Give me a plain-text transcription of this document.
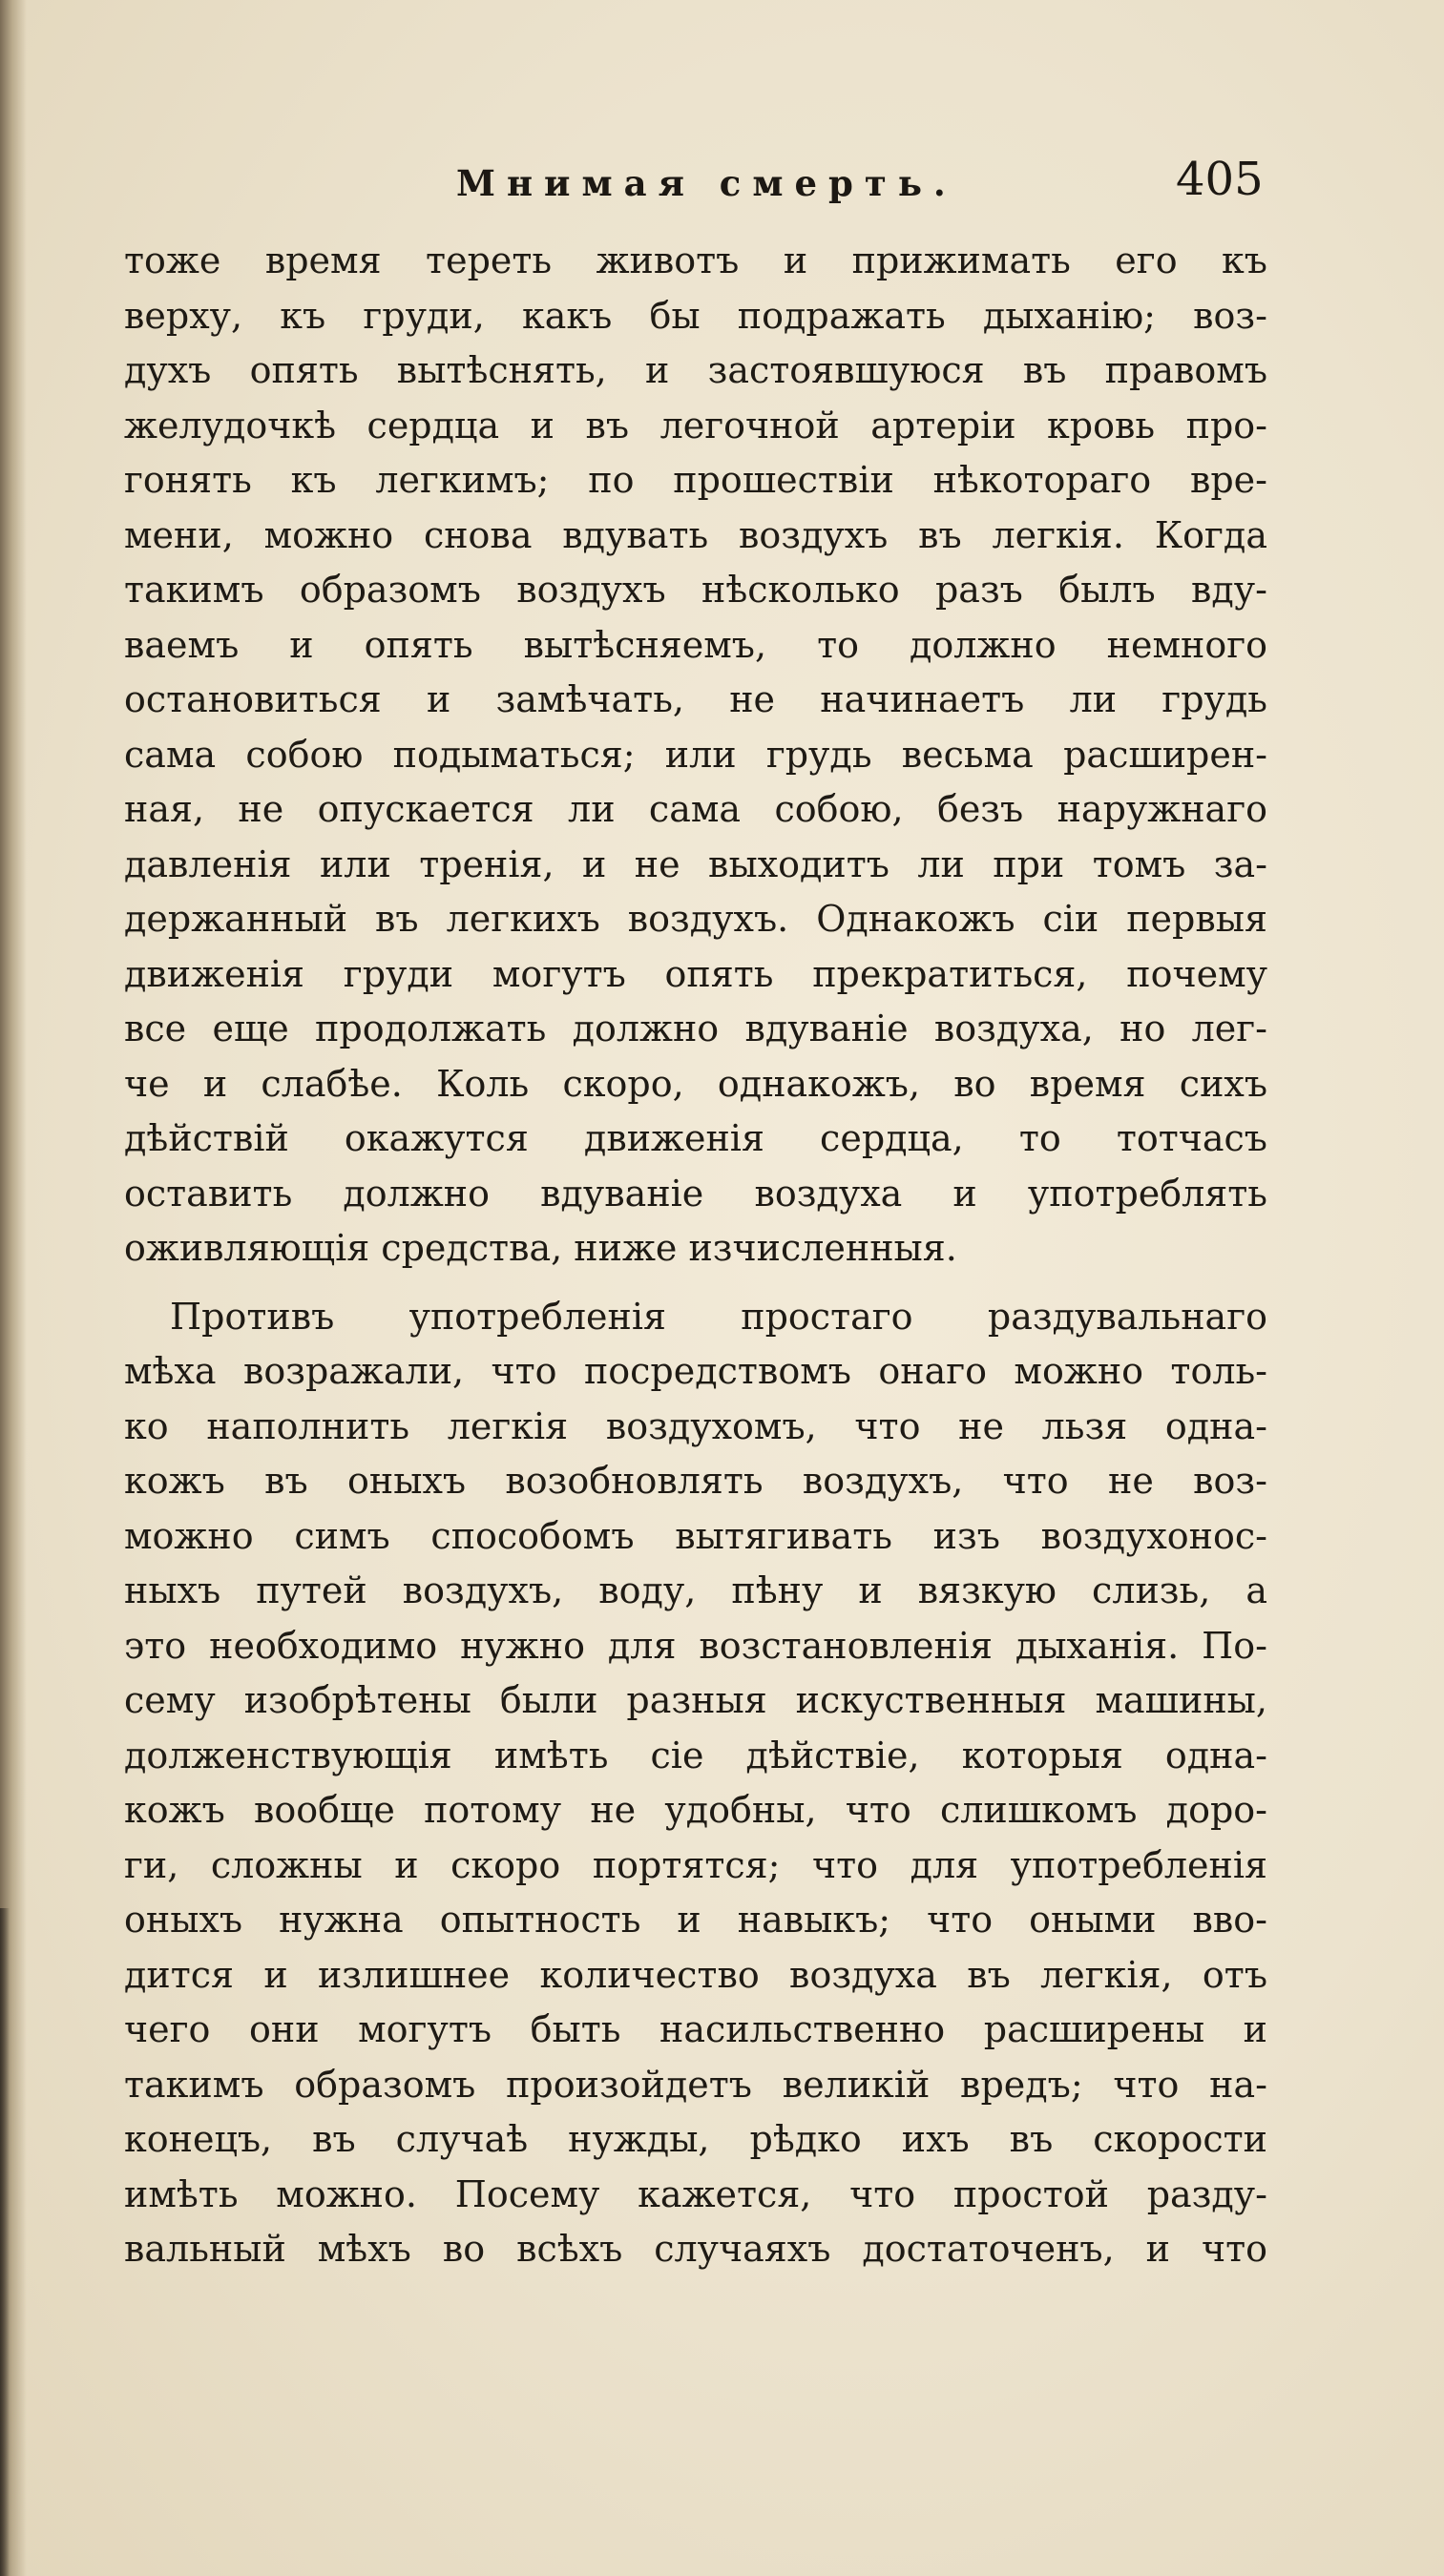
Мнимая смерть.	405
тоже время тереть животъ и прижимать его къ
верху, къ груди, какъ бы подражать дыханію; воз-
духъ опять вытѣснять, и застоявшуюся въ правомъ
желудочкѣ сердца и въ легочной артеріи кровь про-
гонять къ легкимъ; по прошествіи нѣкотораго вре-
мени, можно снова вдувать воздухъ въ легкія. Когда
такимъ образомъ воздухъ нѣсколько разъ былъ вду-
ваемъ и опять вытѣсняемъ, то должно немного
остановиться и замѣчать, не начинаетъ ли грудь
сама собою подыматься; или грудь весьма расширен-
ная, не опускается ли сама собою, безъ наружнаго
давленія или тренія, и не выходитъ ли при томъ за-
держанный въ легкихъ воздухъ. Однакожъ сіи первыя
движенія груди могутъ опять прекратиться, почему
все еще продолжать должно вдуваніе воздуха, но лег-
че и слабѣе. Коль скоро, однакожъ, во время сихъ
дѣйствій окажутся движенія сердца, то тотчасъ
оставить должно вдуваніе воздуха и употреблять
оживляющія средства, ниже изчисленныя.
Противъ употребленія простаго раздувальнаго
мѣха возражали, что посредствомъ онаго можно толь-
ко наполнить легкія воздухомъ, что не льзя одна-
кожъ въ оныхъ возобновлять воздухъ, что не воз-
можно симъ способомъ вытягивать изъ воздухонос-
ныхъ путей воздухъ, воду, пѣну и вязкую слизь, а
это необходимо нужно для возстановленія дыханія. По-
сему изобрѣтены были разныя искуственныя машины,
долженствующія имѣть сіе дѣйствіе, которыя одна-
кожъ вообще потому не удобны, что слишкомъ доро-
ги, сложны и скоро портятся; что для употребленія
оныхъ нужна опытность и навыкъ; что оными вво-
дится и излишнее количество воздуха въ легкія, отъ
чего они могутъ быть насильственно расширены и
такимъ образомъ произойдетъ великій вредъ; что на-
конецъ, въ случаѣ нужды, рѣдко ихъ въ скорости
имѣть можно. Посему кажется, что простой разду-
вальный мѣхъ во всѣхъ случаяхъ достаточенъ, и что
